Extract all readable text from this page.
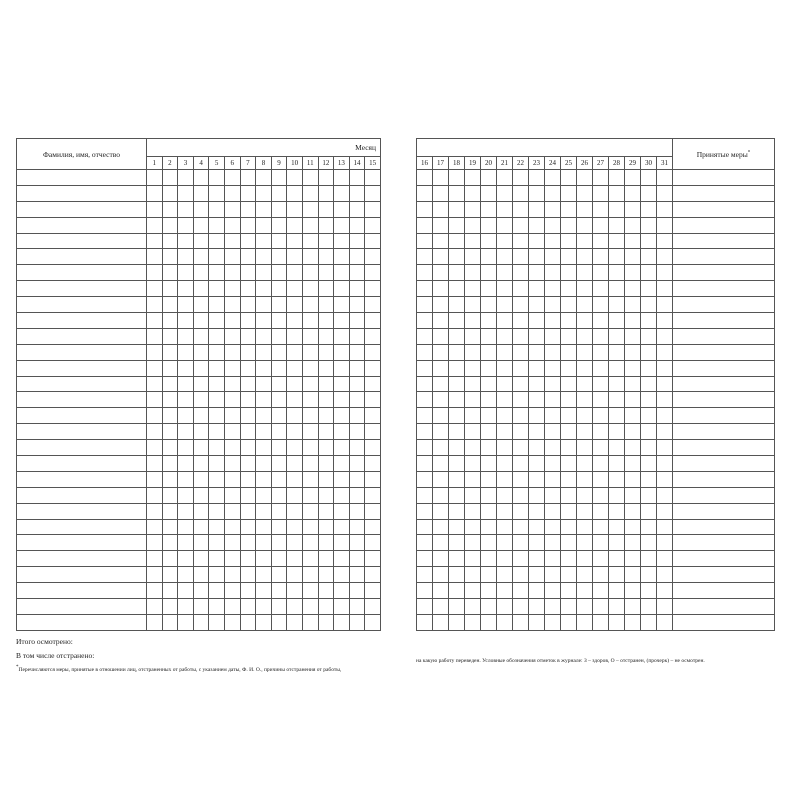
Фамилия, имя, отчество	Месяц														
	1	2	3	4	5	6	7	8	9	10	11	12	13	14	15

Итого осмотрено:
В том числе отстранено:
*Перечисляются меры, принятые в отношении лиц, отстраненных от работы, с указанием даты, Ф. И. О., причины отстранения от работы,
																Принятые меры*
16	17	18	19	20	21	22	23	24	25	26	27	28	29	30	31	

на какую работу переведен. Условные обозначения отметок в журнале: З – здоров, О – отстранен, (прочерк) – не осмотрен.
